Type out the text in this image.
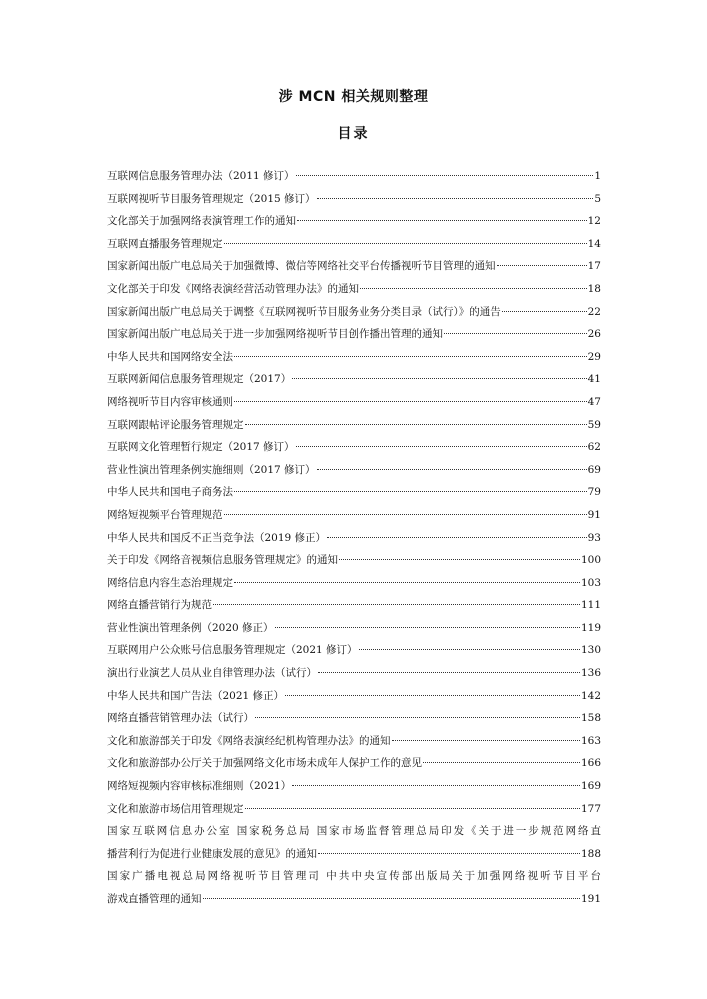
涉 MCN 相关规则整理
目录
互联网信息服务管理办法（2011 修订）	1
互联网视听节目服务管理规定（2015 修订）	5
文化部关于加强网络表演管理工作的通知	12
互联网直播服务管理规定	14
国家新闻出版广电总局关于加强微博、微信等网络社交平台传播视听节目管理的通知	17
文化部关于印发《网络表演经营活动管理办法》的通知	18
国家新闻出版广电总局关于调整《互联网视听节目服务业务分类目录（试行）》的通告	22
国家新闻出版广电总局关于进一步加强网络视听节目创作播出管理的通知	26
中华人民共和国网络安全法	29
互联网新闻信息服务管理规定（2017）	41
网络视听节目内容审核通则	47
互联网跟帖评论服务管理规定	59
互联网文化管理暂行规定（2017 修订）	62
营业性演出管理条例实施细则（2017 修订）	69
中华人民共和国电子商务法	79
网络短视频平台管理规范	91
中华人民共和国反不正当竞争法（2019 修正）	93
关于印发《网络音视频信息服务管理规定》的通知	100
网络信息内容生态治理规定	103
网络直播营销行为规范	111
营业性演出管理条例（2020 修正）	119
互联网用户公众账号信息服务管理规定（2021 修订）	130
演出行业演艺人员从业自律管理办法（试行）	136
中华人民共和国广告法（2021 修正）	142
网络直播营销管理办法（试行）	158
文化和旅游部关于印发《网络表演经纪机构管理办法》的通知	163
文化和旅游部办公厅关于加强网络文化市场未成年人保护工作的意见	166
网络短视频内容审核标准细则（2021）	169
文化和旅游市场信用管理规定	177
国家互联网信息办公室 国家税务总局 国家市场监督管理总局印发《关于进一步规范网络直
播营利行为促进行业健康发展的意见》的通知	188
国家广播电视总局网络视听节目管理司 中共中央宣传部出版局关于加强网络视听节目平台
游戏直播管理的通知	191
